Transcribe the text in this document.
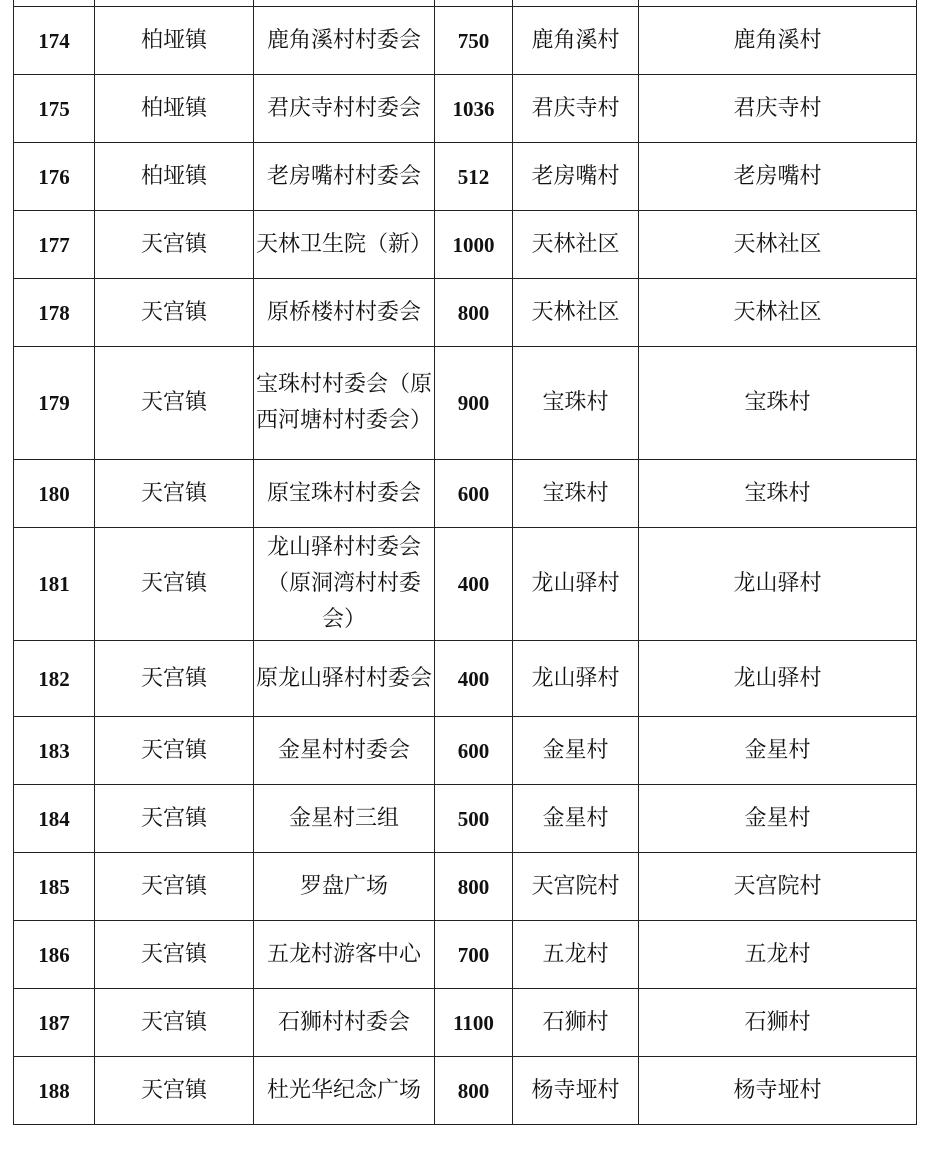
174	柏垭镇	鹿角溪村村委会	750	鹿角溪村	鹿角溪村
175	柏垭镇	君庆寺村村委会	1036	君庆寺村	君庆寺村
176	柏垭镇	老房嘴村村委会	512	老房嘴村	老房嘴村
177	天宫镇	天林卫生院（新）	1000	天林社区	天林社区
178	天宫镇	原桥楼村村委会	800	天林社区	天林社区
179	天宫镇	宝珠村村委会（原西河塘村村委会）	900	宝珠村	宝珠村
180	天宫镇	原宝珠村村委会	600	宝珠村	宝珠村
181	天宫镇	龙山驿村村委会（原洞湾村村委会）	400	龙山驿村	龙山驿村
182	天宫镇	原龙山驿村村委会	400	龙山驿村	龙山驿村
183	天宫镇	金星村村委会	600	金星村	金星村
184	天宫镇	金星村三组	500	金星村	金星村
185	天宫镇	罗盘广场	800	天宫院村	天宫院村
186	天宫镇	五龙村游客中心	700	五龙村	五龙村
187	天宫镇	石狮村村委会	1100	石狮村	石狮村
188	天宫镇	杜光华纪念广场	800	杨寺垭村	杨寺垭村
